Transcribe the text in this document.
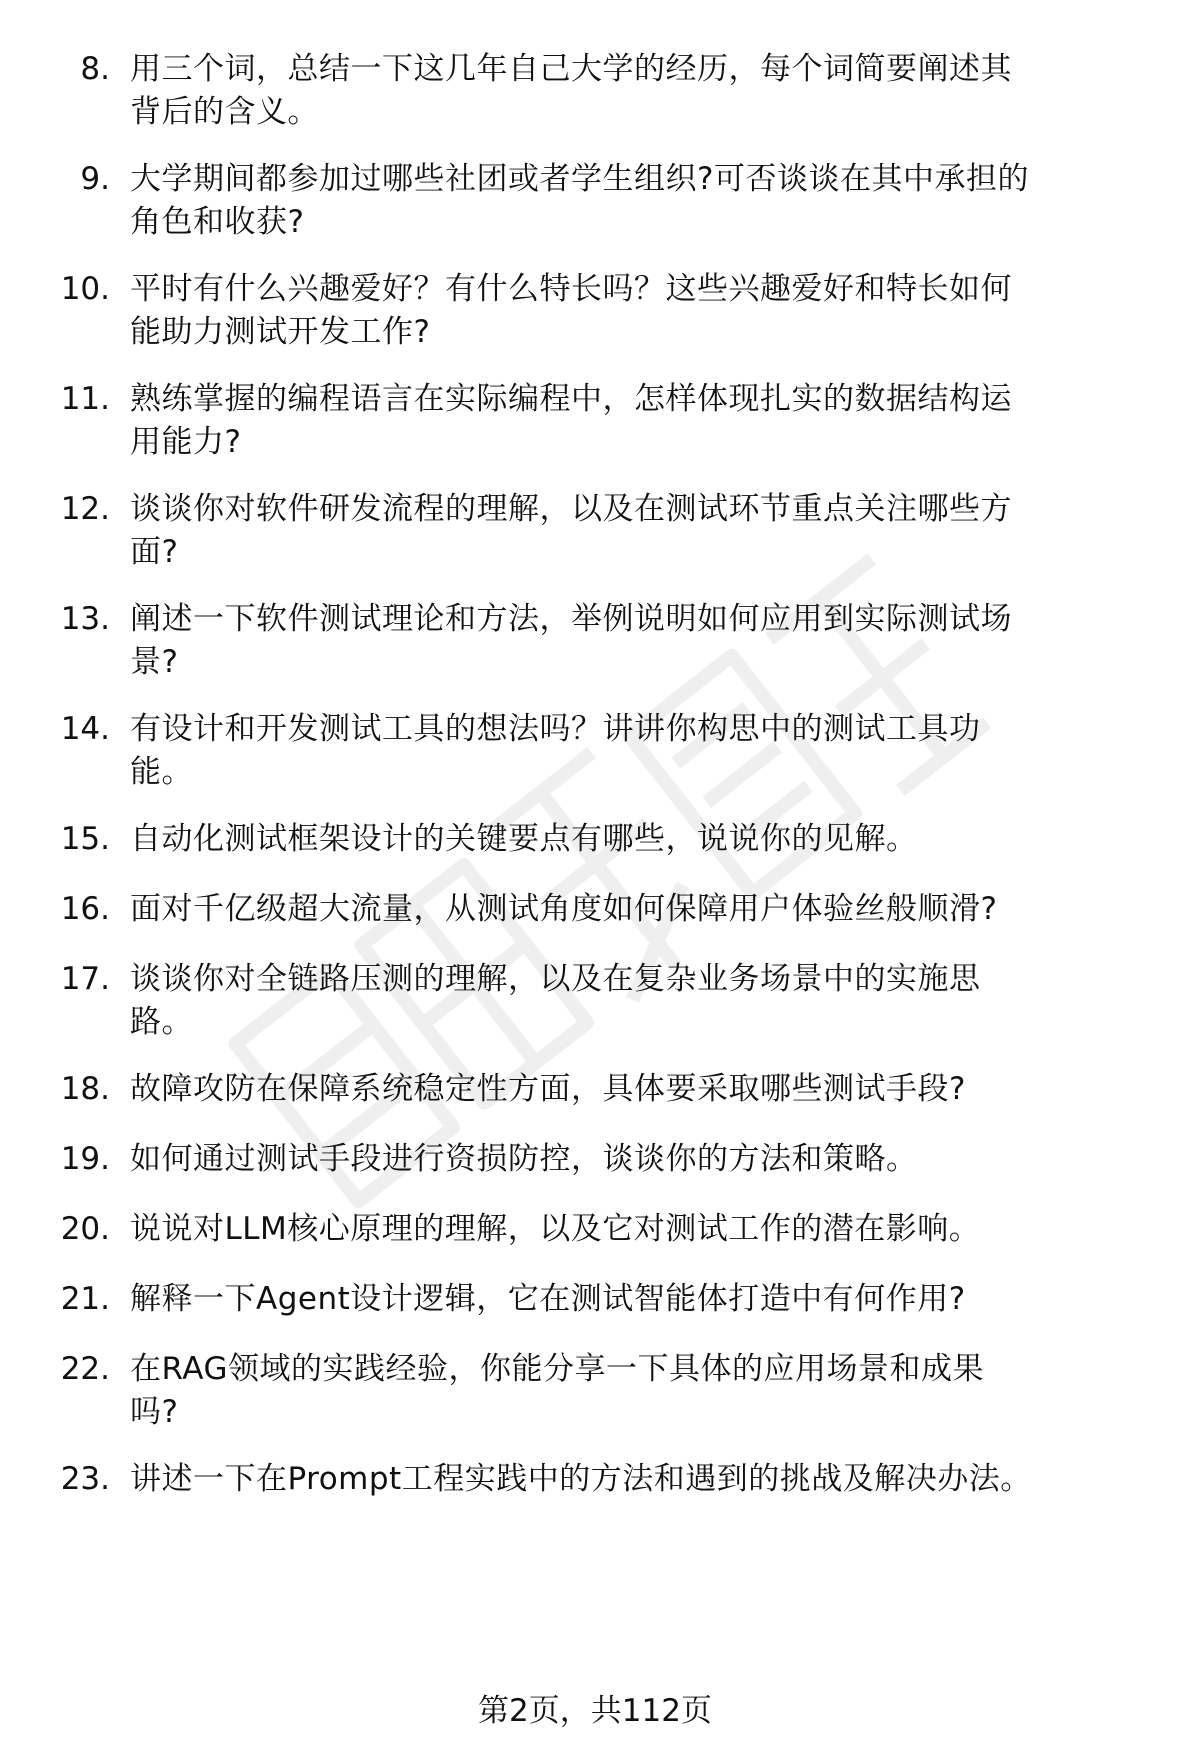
8. 用三个词，总结一下这几年自己大学的经历，每个词简要阐述其
背后的含义。
9. 大学期间都参加过哪些社团或者学生组织?可否谈谈在其中承担的
角色和收获?
10. 平时有什么兴趣爱好？有什么特长吗？这些兴趣爱好和特长如何
能助力测试开发工作?
11. 熟练掌握的编程语言在实际编程中，怎样体现扎实的数据结构运
用能力?
12. 谈谈你对软件研发流程的理解，以及在测试环节重点关注哪些方
面?
13. 阐述一下软件测试理论和方法，举例说明如何应用到实际测试场
景?
14. 有设计和开发测试工具的想法吗？讲讲你构思中的测试工具功
能。
15. 自动化测试框架设计的关键要点有哪些，说说你的见解。
16. 面对千亿级超大流量，从测试角度如何保障用户体验丝般顺滑?
17. 谈谈你对全链路压测的理解，以及在复杂业务场景中的实施思
路。
18. 故障攻防在保障系统稳定性方面，具体要采取哪些测试手段?
19. 如何通过测试手段进行资损防控，谈谈你的方法和策略。
20. 说说对LLM核心原理的理解，以及它对测试工作的潜在影响。
21. 解释一下Agent设计逻辑，它在测试智能体打造中有何作用?
22. 在RAG领域的实践经验，你能分享一下具体的应用场景和成果
吗?
23. 讲述一下在Prompt工程实践中的方法和遇到的挑战及解决办法。
第2页，共112页
